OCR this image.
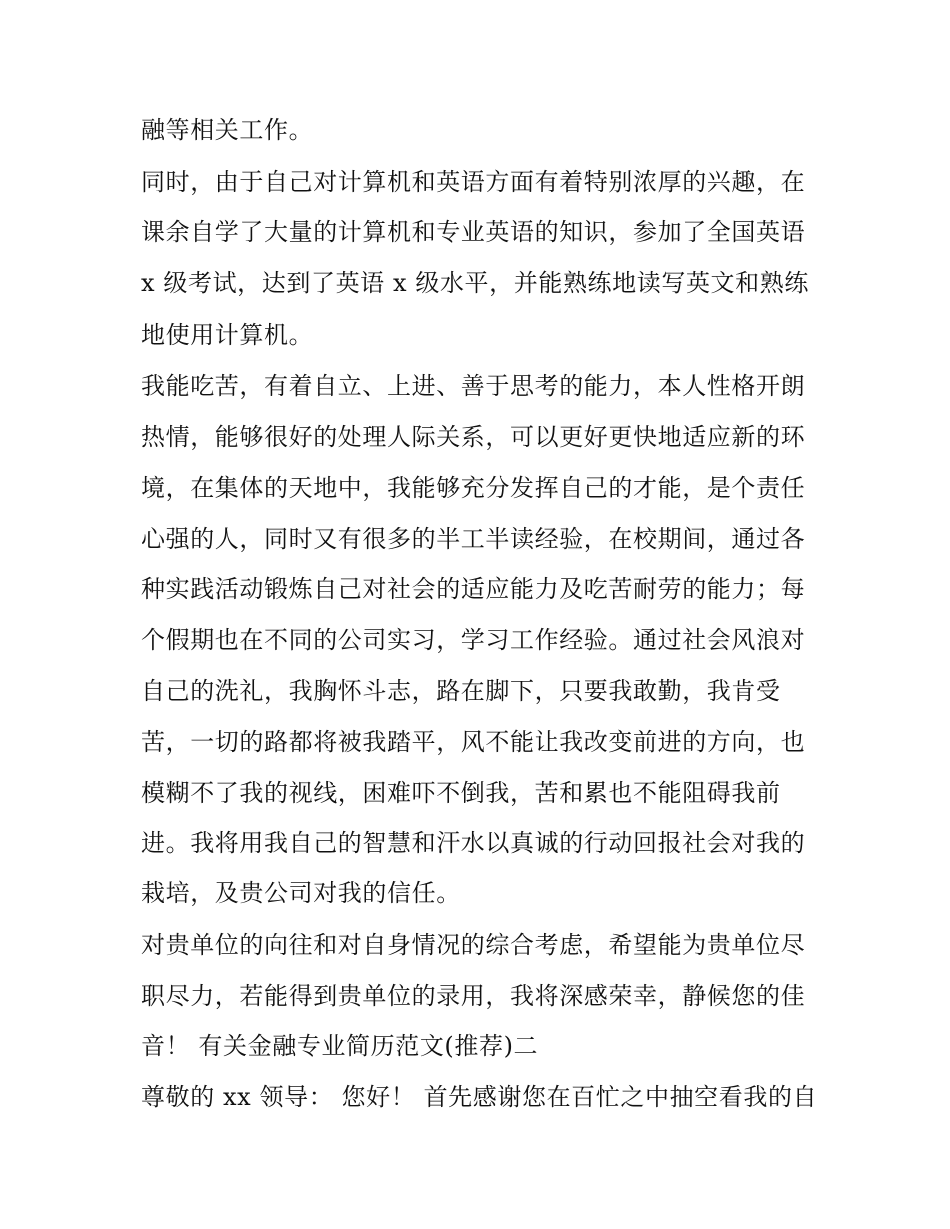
融等相关工作。
同时，由于自己对计算机和英语方面有着特别浓厚的兴趣，在
课余自学了大量的计算机和专业英语的知识，参加了全国英语
x 级考试，达到了英语 x 级水平，并能熟练地读写英文和熟练
地使用计算机。
我能吃苦，有着自立、上进、善于思考的能力，本人性格开朗
热情，能够很好的处理人际关系，可以更好更快地适应新的环
境，在集体的天地中，我能够充分发挥自己的才能，是个责任
心强的人，同时又有很多的半工半读经验，在校期间，通过各
种实践活动锻炼自己对社会的适应能力及吃苦耐劳的能力；每
个假期也在不同的公司实习，学习工作经验。通过社会风浪对
自己的洗礼，我胸怀斗志，路在脚下，只要我敢勤，我肯受
苦，一切的路都将被我踏平，风不能让我改变前进的方向，也
模糊不了我的视线，困难吓不倒我，苦和累也不能阻碍我前
进。我将用我自己的智慧和汗水以真诚的行动回报社会对我的
栽培，及贵公司对我的信任。
对贵单位的向往和对自身情况的综合考虑，希望能为贵单位尽
职尽力，若能得到贵单位的录用，我将深感荣幸，静候您的佳
音！ 有关金融专业简历范文(推荐)二
尊敬的 xx 领导： 您好！ 首先感谢您在百忙之中抽空看我的自
